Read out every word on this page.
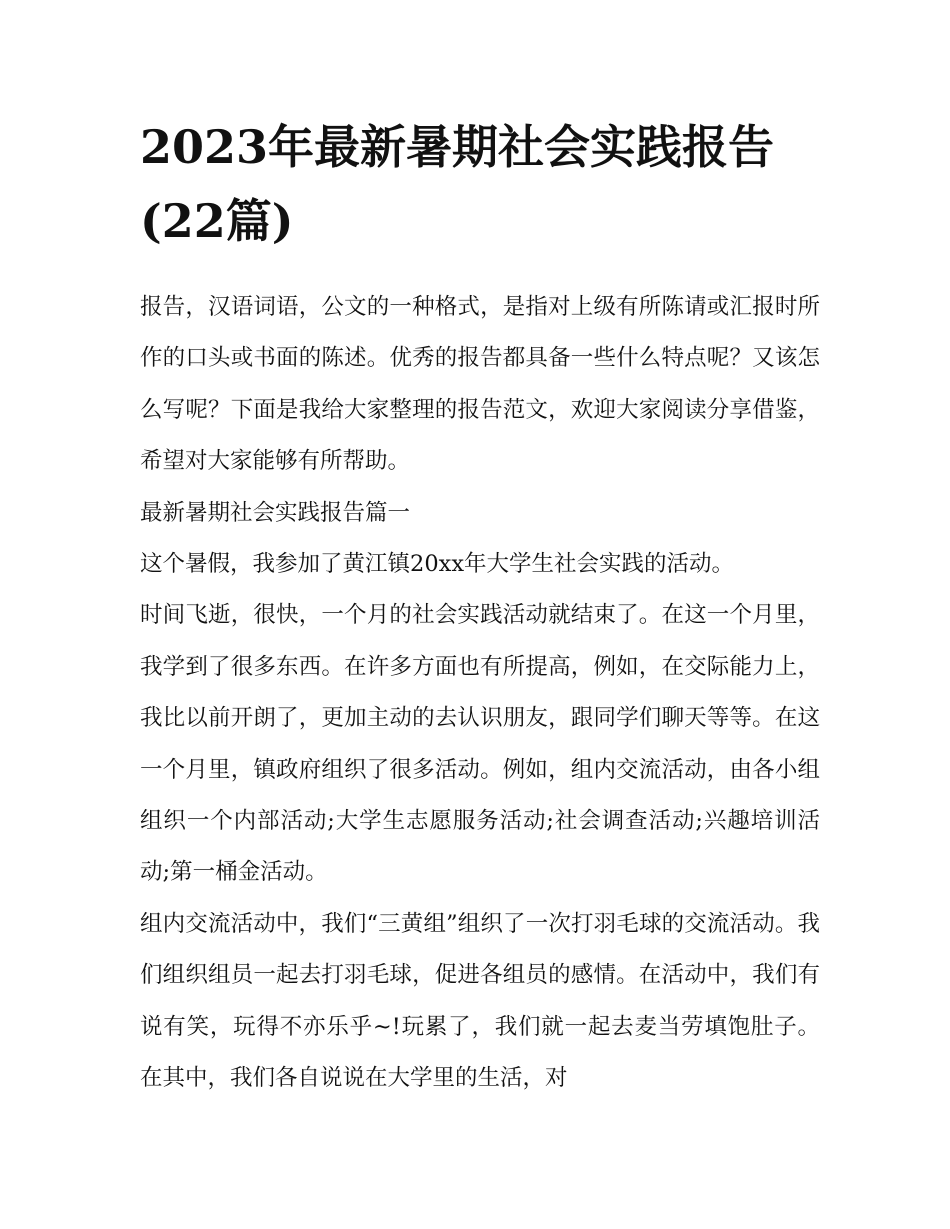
2023年最新暑期社会实践报告(22篇)

报告，汉语词语，公文的一种格式，是指对上级有所陈请或汇报时所作的口头或书面的陈述。优秀的报告都具备一些什么特点呢？又该怎么写呢？下面是我给大家整理的报告范文，欢迎大家阅读分享借鉴，希望对大家能够有所帮助。

最新暑期社会实践报告篇一

这个暑假，我参加了黄江镇20xx年大学生社会实践的活动。

时间飞逝，很快，一个月的社会实践活动就结束了。在这一个月里，我学到了很多东西。在许多方面也有所提高，例如，在交际能力上，我比以前开朗了，更加主动的去认识朋友，跟同学们聊天等等。在这一个月里，镇政府组织了很多活动。例如，组内交流活动，由各小组组织一个内部活动;大学生志愿服务活动;社会调查活动;兴趣培训活动;第一桶金活动。

组内交流活动中，我们“三黄组”组织了一次打羽毛球的交流活动。我们组织组员一起去打羽毛球，促进各组员的感情。在活动中，我们有说有笑，玩得不亦乐乎~!玩累了，我们就一起去麦当劳填饱肚子。在其中，我们各自说说在大学里的生活，对
